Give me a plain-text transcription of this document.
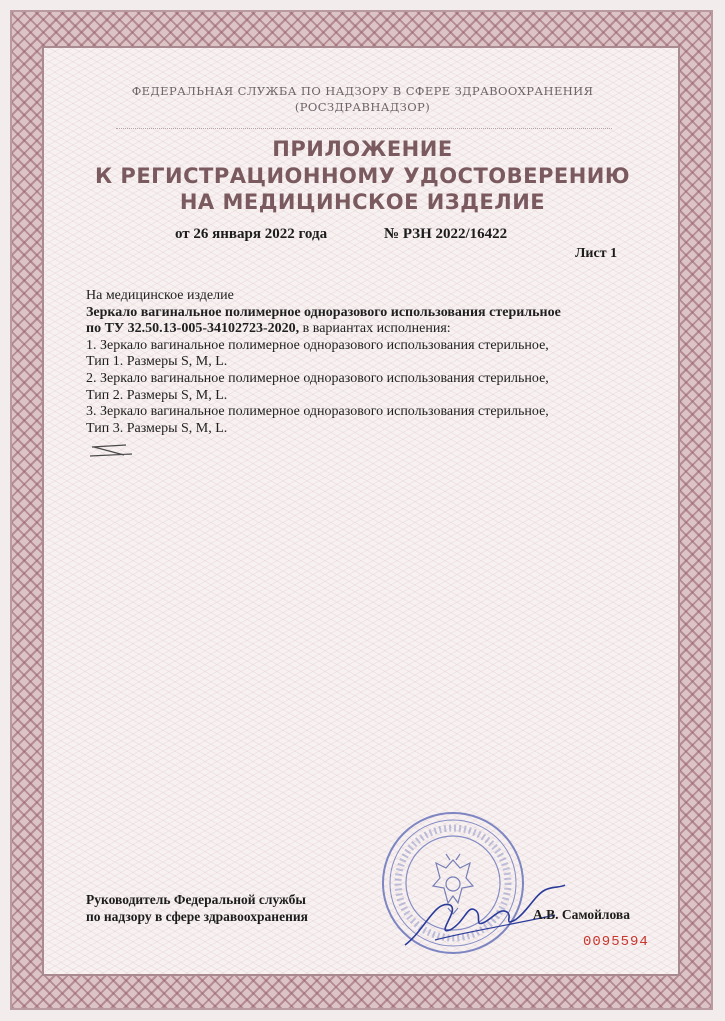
ФЕДЕРАЛЬНАЯ СЛУЖБА ПО НАДЗОРУ В СФЕРЕ ЗДРАВООХРАНЕНИЯ
(РОСЗДРАВНАДЗОР)
ПРИЛОЖЕНИЕ
К РЕГИСТРАЦИОННОМУ УДОСТОВЕРЕНИЮ
НА МЕДИЦИНСКОЕ ИЗДЕЛИЕ
от 26 января 2022 года	№ РЗН 2022/16422
Лист 1
На медицинское изделие
Зеркало вагинальное полимерное одноразового использования стерильное
по ТУ 32.50.13-005-34102723-2020, в вариантах исполнения:
1. Зеркало вагинальное полимерное одноразового использования стерильное,
Тип 1. Размеры S, M, L.
2. Зеркало вагинальное полимерное одноразового использования стерильное,
Тип 2. Размеры S, M, L.
3. Зеркало вагинальное полимерное одноразового использования стерильное,
Тип 3. Размеры S, M, L.
Руководитель Федеральной службы
по надзору в сфере здравоохранения	А.В. Самойлова
0095594
